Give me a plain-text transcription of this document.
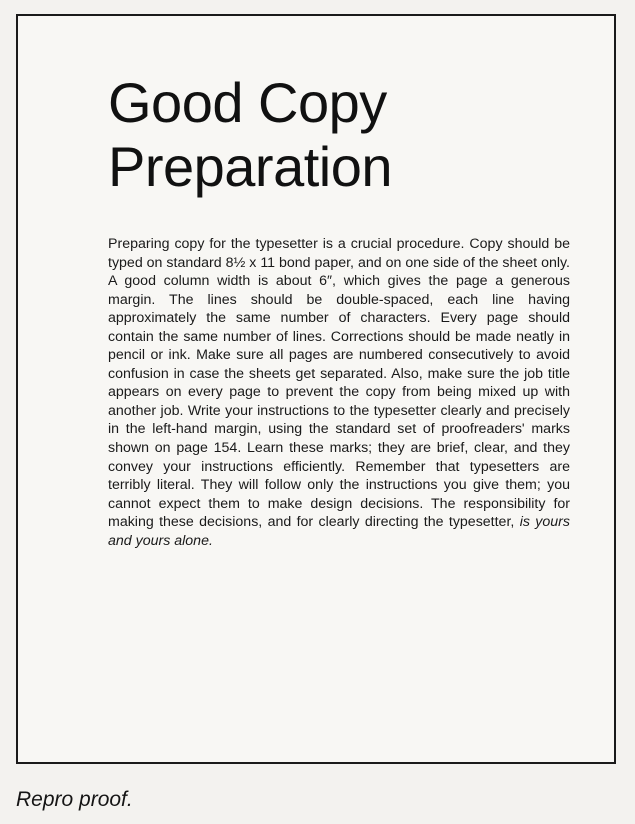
Good Copy
Preparation

Preparing copy for the typesetter is a crucial procedure. Copy should be typed on standard 8½ x 11 bond paper, and on one side of the sheet only. A good column width is about 6″, which gives the page a generous margin. The lines should be double-spaced, each line having approximately the same number of characters. Every page should contain the same number of lines. Corrections should be made neatly in pencil or ink. Make sure all pages are numbered consecutively to avoid confusion in case the sheets get separated. Also, make sure the job title appears on every page to prevent the copy from being mixed up with another job. Write your instructions to the typesetter clearly and precisely in the left-hand margin, using the standard set of proofreaders' marks shown on page 154. Learn these marks; they are brief, clear, and they convey your instructions efficiently. Remember that typesetters are terribly literal. They will follow only the instructions you give them; you cannot expect them to make design decisions. The responsibility for making these decisions, and for clearly directing the typesetter, is yours and yours alone.

Repro proof.
